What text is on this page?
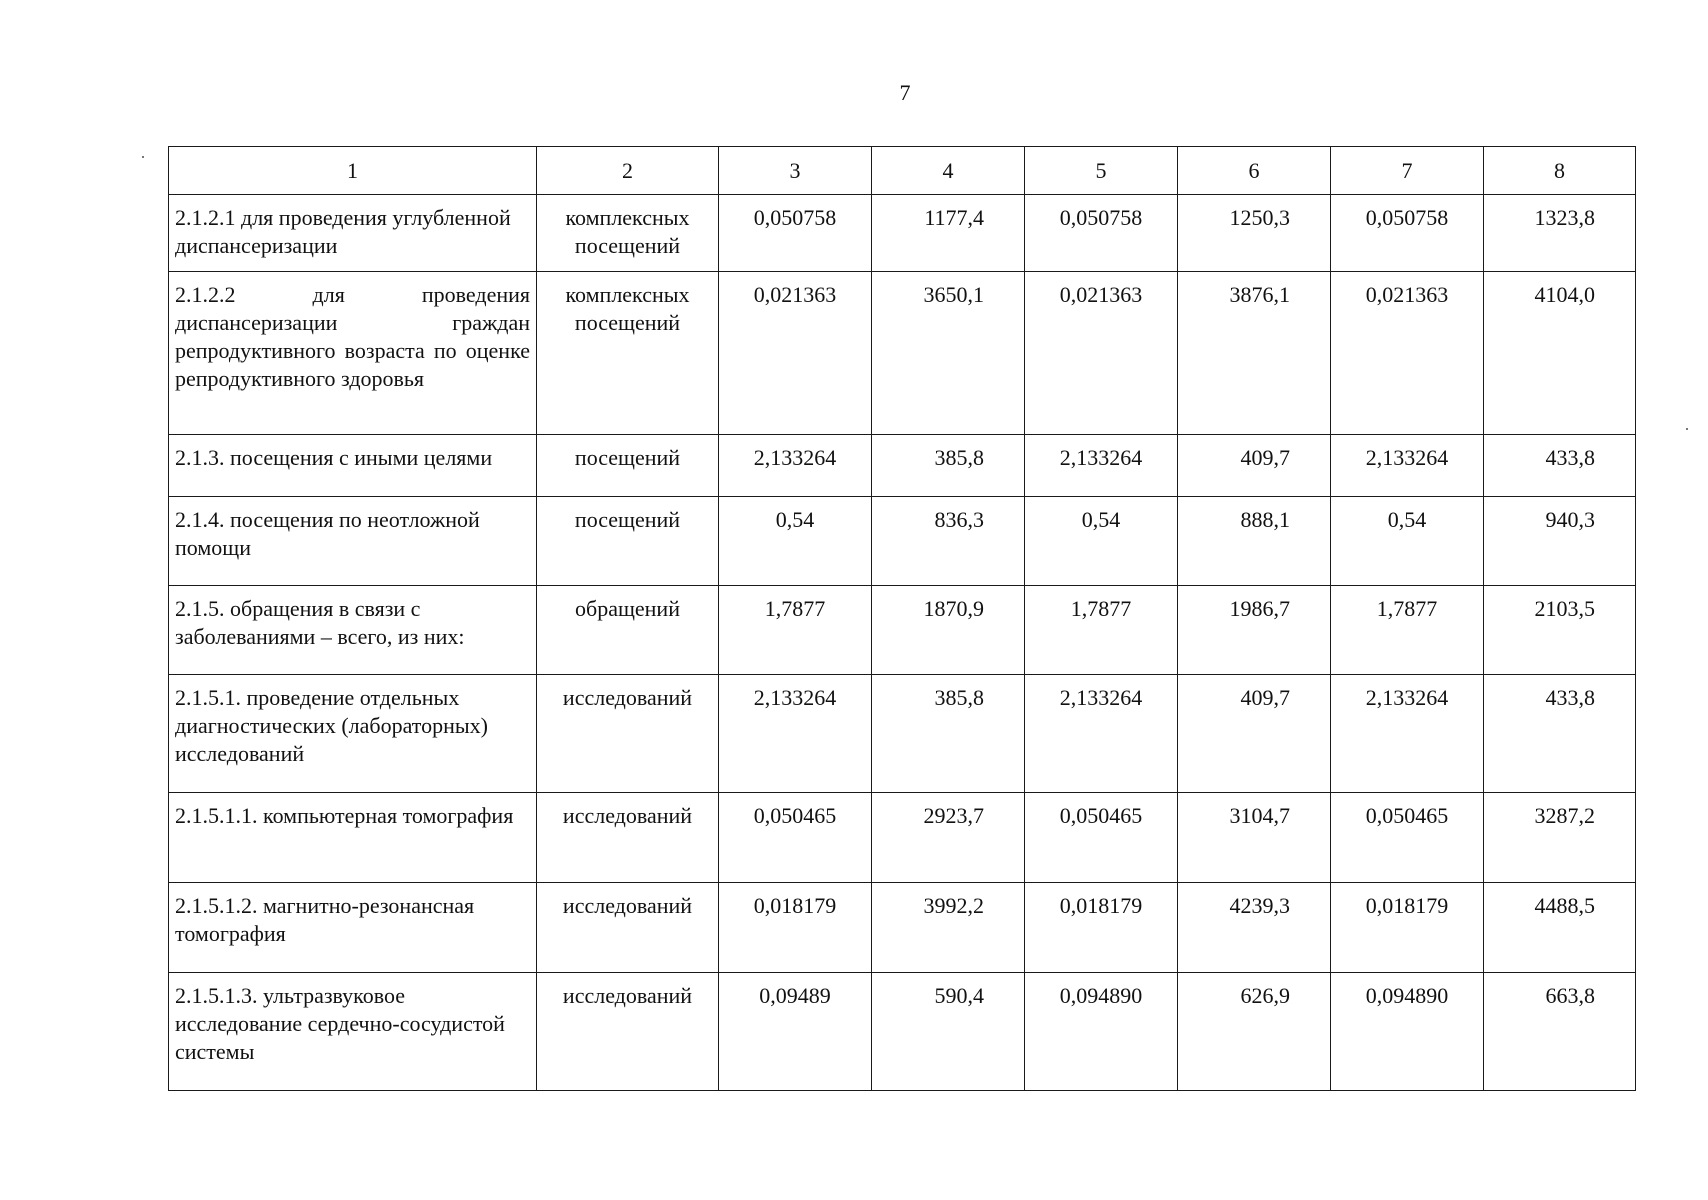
7
1	2	3	4	5	6	7	8
2.1.2.1 для проведения углубленной диспансеризации	комплексных посещений	0,050758	1177,4	0,050758	1250,3	0,050758	1323,8
2.1.2.2 для проведения диспансеризации граждан репродуктивного возраста по оценке репродуктивного здоровья	комплексных посещений	0,021363	3650,1	0,021363	3876,1	0,021363	4104,0
2.1.3. посещения с иными целями	посещений	2,133264	385,8	2,133264	409,7	2,133264	433,8
2.1.4. посещения по неотложной помощи	посещений	0,54	836,3	0,54	888,1	0,54	940,3
2.1.5. обращения в связи с заболеваниями – всего, из них:	обращений	1,7877	1870,9	1,7877	1986,7	1,7877	2103,5
2.1.5.1. проведение отдельных диагностических (лабораторных) исследований	исследований	2,133264	385,8	2,133264	409,7	2,133264	433,8
2.1.5.1.1. компьютерная томография	исследований	0,050465	2923,7	0,050465	3104,7	0,050465	3287,2
2.1.5.1.2. магнитно-резонансная томография	исследований	0,018179	3992,2	0,018179	4239,3	0,018179	4488,5
2.1.5.1.3. ультразвуковое исследование сердечно-сосудистой системы	исследований	0,09489	590,4	0,094890	626,9	0,094890	663,8
